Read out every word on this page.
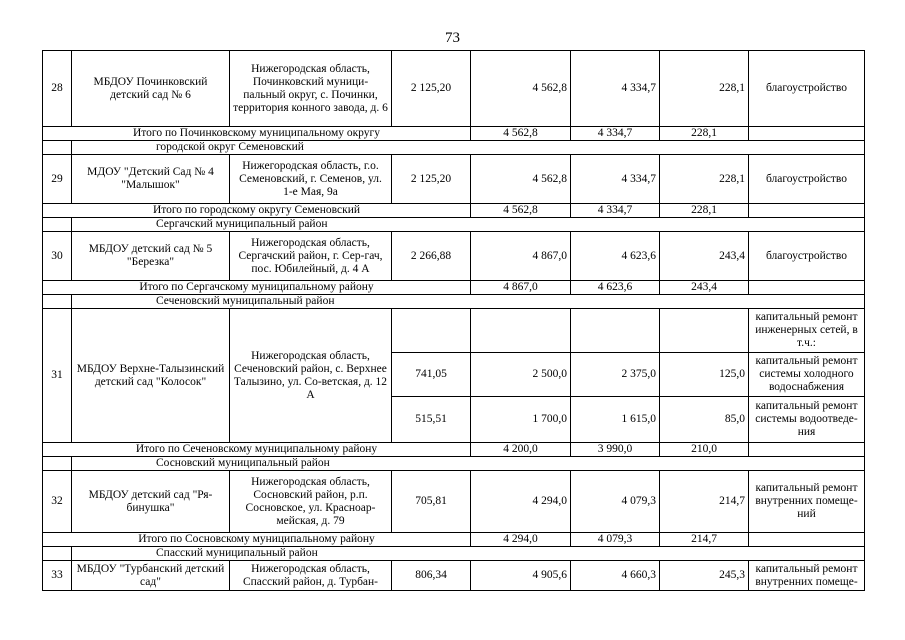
73
28	МБДОУ Починковский детский сад № 6	Нижегородская область, Починковский муници-пальный округ, с. Починки, территория конного завода, д. 6	2 125,20	4 562,8	4 334,7	228,1	благоустройство
Итого по Починковскому муниципальному округу				4 562,8	4 334,7	228,1	
	городской округ Семеновский						
29	МДОУ "Детский Сад № 4 "Малышок"	Нижегородская область, г.о. Семеновский, г. Семенов, ул. 1-е Мая, 9а	2 125,20	4 562,8	4 334,7	228,1	благоустройство
Итого по городскому округу Семеновский				4 562,8	4 334,7	228,1	
	Сергачский муниципальный район						
30	МБДОУ детский сад № 5 "Березка"	Нижегородская область, Сергачский район, г. Сер-гач, пос. Юбилейный, д. 4 А	2 266,88	4 867,0	4 623,6	243,4	благоустройство
Итого по Сергачскому муниципальному району				4 867,0	4 623,6	243,4	
	Сеченовский муниципальный район						
31	МБДОУ Верхне-Талызинский детский сад "Колосок"	Нижегородская область, Сеченовский район, с. Верхнее Талызино, ул. Со-ветская, д. 12 А					капитальный ремонт инженерных сетей, в т.ч.:
			741,05	2 500,0	2 375,0	125,0	капитальный ремонт системы холодного водоснабжения
			515,51	1 700,0	1 615,0	85,0	капитальный ремонт системы водоотведе-ния
Итого по Сеченовскому муниципальному району				4 200,0	3 990,0	210,0	
	Сосновский муниципальный район						
32	МБДОУ детский сад "Ря-бинушка"	Нижегородская область, Сосновский район, р.п. Сосновское, ул. Красноар-мейская, д. 79	705,81	4 294,0	4 079,3	214,7	капитальный ремонт внутренних помеще-ний
Итого по Сосновскому муниципальному району				4 294,0	4 079,3	214,7	
	Спасский муниципальный район						
33	МБДОУ "Турбанский детский сад"	Нижегородская область, Спасский район, д. Турбан-	806,34	4 905,6	4 660,3	245,3	капитальный ремонт внутренних помеще-
